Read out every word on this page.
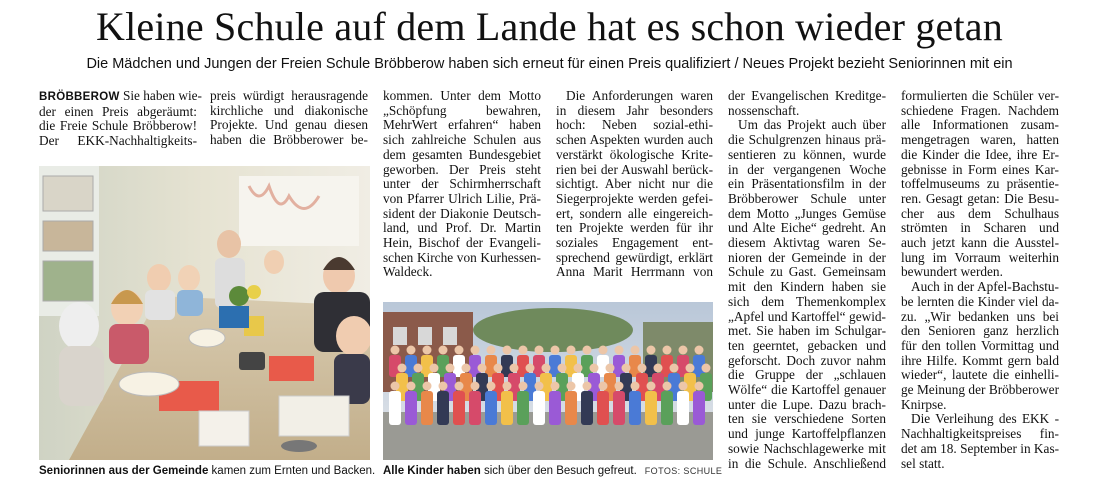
Kleine Schule auf dem Lande hat es schon wieder getan
Die Mädchen und Jungen der Freien Schule Bröbberow haben sich erneut für einen Preis qualifiziert / Neues Projekt bezieht Seniorinnen mit ein
BRÖBBEROW Sie haben wie-
der einen Preis abgeräumt:
die Freie Schule Bröbberow!
Der EKK-Nachhaltigkeits-
preis würdigt herausragende
kirchliche und diakonische
Projekte. Und genau diesen
haben die Bröbberower be-
kommen. Unter dem Motto
„Schöpfung bewahren,
MehrWert erfahren“ haben
sich zahlreiche Schulen aus
dem gesamten Bundesgebiet
geworben. Der Preis steht
unter der Schirmherrschaft
von Pfarrer Ulrich Lilie, Prä-
sident der Diakonie Deutsch-
land, und Prof. Dr. Martin
Hein, Bischof der Evangeli-
schen Kirche von Kurhessen-
Waldeck.
Die Anforderungen waren
in diesem Jahr besonders
hoch: Neben sozial-ethi-
schen Aspekten wurden auch
verstärkt ökologische Krite-
rien bei der Auswahl berück-
sichtigt. Aber nicht nur die
Siegerprojekte werden gefei-
ert, sondern alle eingereich-
ten Projekte werden für ihr
soziales Engagement ent-
sprechend gewürdigt, erklärt
Anna Marit Herrmann von
der Evangelischen Kreditge-
nossenschaft.
Um das Projekt auch über
die Schulgrenzen hinaus prä-
sentieren zu können, wurde
in der vergangenen Woche
ein Präsentationsfilm in der
Bröbberower Schule unter
dem Motto „Junges Gemüse
und Alte Eiche“ gedreht. An
diesem Aktivtag waren Se-
nioren der Gemeinde in der
Schule zu Gast. Gemeinsam
mit den Kindern haben sie
sich dem Themenkomplex
„Apfel und Kartoffel“ gewid-
met. Sie haben im Schulgar-
ten geerntet, gebacken und
geforscht. Doch zuvor nahm
die Gruppe der „schlauen
Wölfe“ die Kartoffel genauer
unter die Lupe. Dazu brach-
ten sie verschiedene Sorten
und junge Kartoffelpflanzen
sowie Nachschlagewerke mit
in die Schule. Anschließend
formulierten die Schüler ver-
schiedene Fragen. Nachdem
alle Informationen zusam-
mengetragen waren, hatten
die Kinder die Idee, ihre Er-
gebnisse in Form eines Kar-
toffelmuseums zu präsentie-
ren. Gesagt getan: Die Besu-
cher aus dem Schulhaus
strömten in Scharen und
auch jetzt kann die Ausstel-
lung im Vorraum weiterhin
bewundert werden.
Auch in der Apfel-Bachstu-
be lernten die Kinder viel da-
zu. „Wir bedanken uns bei
den Senioren ganz herzlich
für den tollen Vormittag und
ihre Hilfe. Kommt gern bald
wieder“, lautete die einhelli-
ge Meinung der Bröbberower
Knirpse.
Die Verleihung des EKK -
Nachhaltigkeitspreises fin-
det am 18. September in Kas-
sel statt.
Seniorinnen aus der Gemeinde kamen zum Ernten und Backen. Alle Kinder haben sich über den Besuch gefreut. FOTOS: SCHULE
